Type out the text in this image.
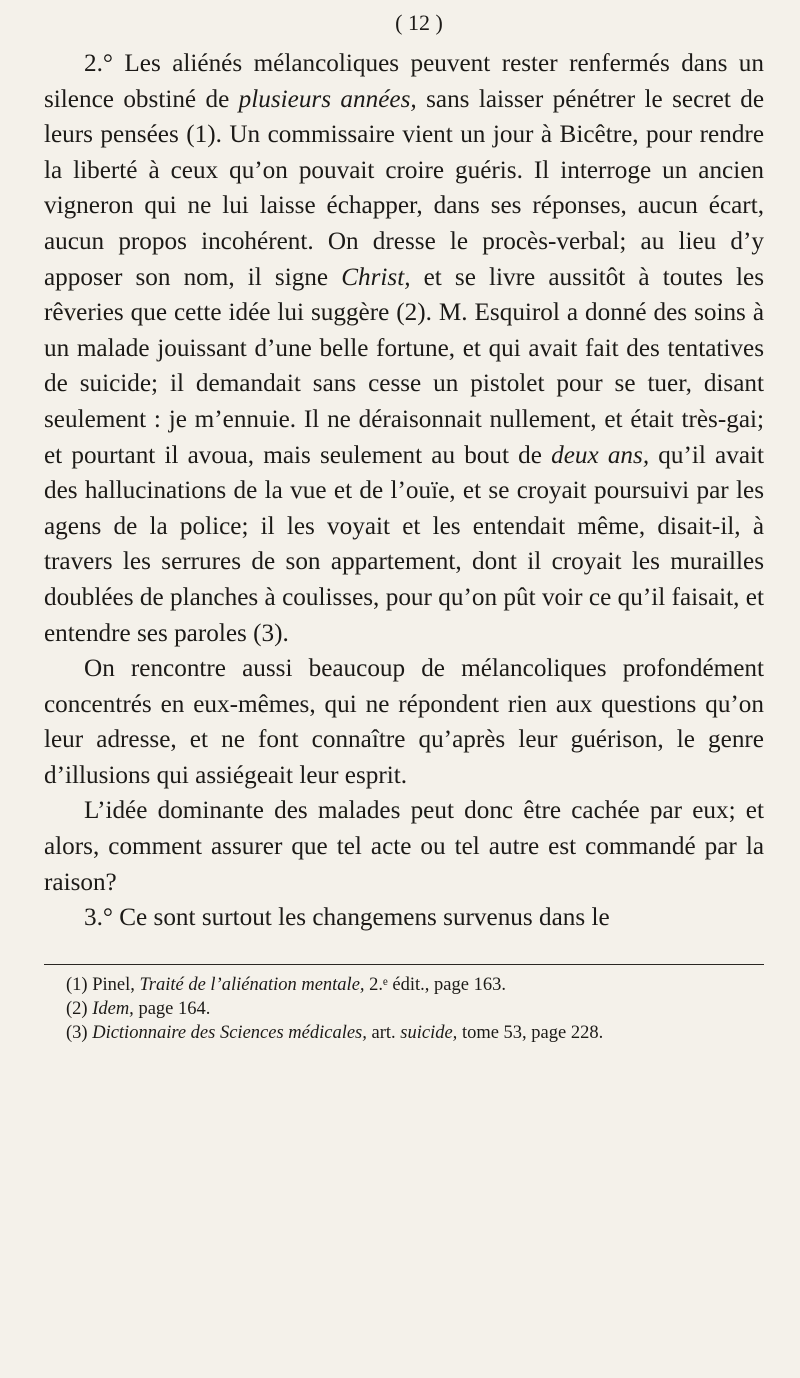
( 12 )

2.° Les aliénés mélancoliques peuvent rester renfermés dans un silence obstiné de plusieurs années, sans laisser pénétrer le secret de leurs pensées (1). Un commissaire vient un jour à Bicêtre, pour rendre la liberté à ceux qu’on pouvait croire guéris. Il interroge un ancien vigneron qui ne lui laisse échapper, dans ses réponses, aucun écart, aucun propos incohérent. On dresse le procès-verbal; au lieu d’y apposer son nom, il signe Christ, et se livre aussitôt à toutes les rêveries que cette idée lui suggère (2). M. Esquirol a donné des soins à un malade jouissant d’une belle fortune, et qui avait fait des tentatives de suicide; il demandait sans cesse un pistolet pour se tuer, disant seulement : je m’ennuie. Il ne déraisonnait nullement, et était très-gai; et pourtant il avoua, mais seulement au bout de deux ans, qu’il avait des hallucinations de la vue et de l’ouïe, et se croyait poursuivi par les agens de la police; il les voyait et les entendait même, disait-il, à travers les serrures de son appartement, dont il croyait les murailles doublées de planches à coulisses, pour qu’on pût voir ce qu’il faisait, et entendre ses paroles (3).

On rencontre aussi beaucoup de mélancoliques profondément concentrés en eux-mêmes, qui ne répondent rien aux questions qu’on leur adresse, et ne font connaître qu’après leur guérison, le genre d’illusions qui assiégeait leur esprit.

L’idée dominante des malades peut donc être cachée par eux; et alors, comment assurer que tel acte ou tel autre est commandé par la raison?

3.° Ce sont surtout les changemens survenus dans le

(1) Pinel, Traité de l’aliénation mentale, 2.ᵉ édit., page 163.

(2) Idem, page 164.

(3) Dictionnaire des Sciences médicales, art. suicide, tome 53, page 228.
